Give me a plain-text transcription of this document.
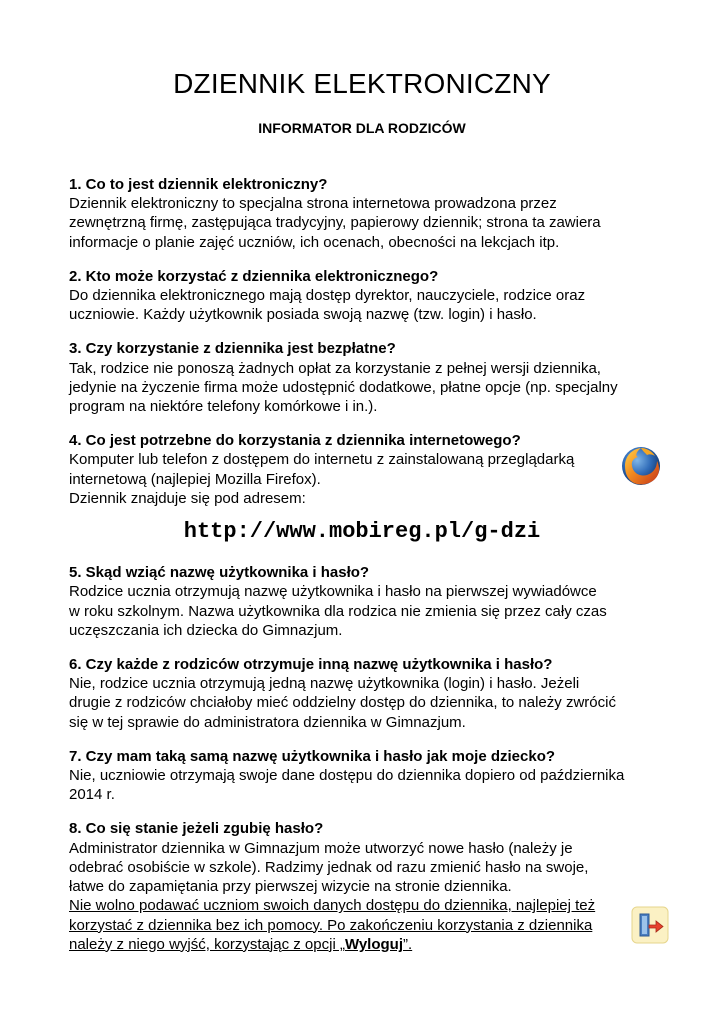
DZIENNIK ELEKTRONICZNY
INFORMATOR DLA RODZICÓW
1. Co to jest dziennik elektroniczny?
Dziennik elektroniczny to specjalna strona internetowa prowadzona przez
zewnętrzną firmę, zastępująca tradycyjny, papierowy dziennik; strona ta zawiera
informacje o planie zajęć uczniów, ich ocenach, obecności na lekcjach itp.
2. Kto może korzystać z dziennika elektronicznego?
Do dziennika elektronicznego mają dostęp dyrektor, nauczyciele, rodzice oraz
uczniowie. Każdy użytkownik posiada swoją nazwę (tzw. login) i hasło.
3. Czy korzystanie z dziennika jest bezpłatne?
Tak, rodzice nie ponoszą żadnych opłat za korzystanie z pełnej wersji dziennika,
jedynie na życzenie firma może udostępnić dodatkowe, płatne opcje (np. specjalny
program na niektóre telefony komórkowe i in.).
4. Co jest potrzebne do korzystania z dziennika internetowego?
Komputer lub telefon z dostępem do internetu z zainstalowaną przeglądarką
internetową (najlepiej Mozilla Firefox).
Dziennik znajduje się pod adresem:
http://www.mobireg.pl/g-dzi
5. Skąd wziąć nazwę użytkownika i hasło?
Rodzice ucznia otrzymują nazwę użytkownika i hasło na pierwszej wywiadówce
w roku szkolnym. Nazwa użytkownika dla rodzica nie zmienia się przez cały czas
uczęszczania ich dziecka do Gimnazjum.
6. Czy każde z rodziców otrzymuje inną nazwę użytkownika i hasło?
Nie, rodzice ucznia otrzymują jedną nazwę użytkownika (login) i hasło. Jeżeli
drugie z rodziców chciałoby mieć oddzielny dostęp do dziennika, to należy zwrócić
się w tej sprawie do administratora dziennika w Gimnazjum.
7. Czy mam taką samą nazwę użytkownika i hasło jak moje dziecko?
Nie, uczniowie otrzymają swoje dane dostępu do dziennika dopiero od października
2014 r.
8. Co się stanie jeżeli zgubię hasło?
Administrator dziennika w Gimnazjum może utworzyć nowe hasło (należy je
odebrać osobiście w szkole). Radzimy jednak od razu zmienić hasło na swoje,
łatwe do zapamiętania przy pierwszej wizycie na stronie dziennika.
Nie wolno podawać uczniom swoich danych dostępu do dziennika, najlepiej też
korzystać z dziennika bez ich pomocy. Po zakończeniu korzystania z dziennika
należy z niego wyjść, korzystając z opcji „Wyloguj”.
